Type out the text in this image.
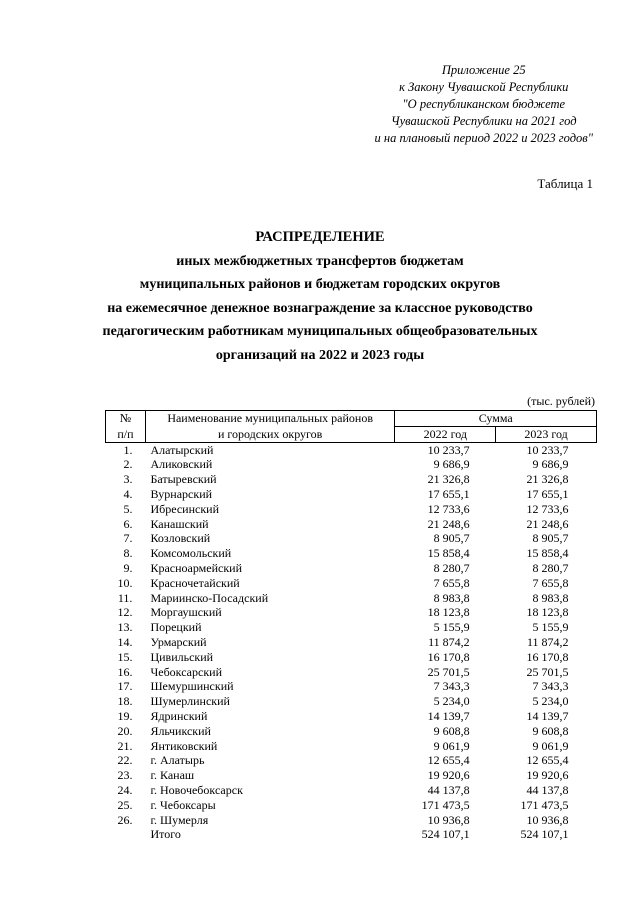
Приложение 25
к Закону Чувашской Республики
"О республиканском бюджете
Чувашской Республики на 2021 год
и на плановый период 2022 и 2023 годов"
Таблица 1
РАСПРЕДЕЛЕНИЕ
иных межбюджетных трансфертов бюджетам
муниципальных районов и бюджетам городских округов
на ежемесячное денежное вознаграждение за классное руководство
педагогическим работникам муниципальных общеобразовательных
организаций на 2022 и 2023 годы
(тыс. рублей)
№	Наименование муниципальных районов	Сумма	
п/п	и городских округов	2022 год	2023 год
1.	Алатырский	10 233,7	10 233,7
2.	Аликовский	9 686,9	9 686,9
3.	Батыревский	21 326,8	21 326,8
4.	Вурнарский	17 655,1	17 655,1
5.	Ибресинский	12 733,6	12 733,6
6.	Канашский	21 248,6	21 248,6
7.	Козловский	8 905,7	8 905,7
8.	Комсомольский	15 858,4	15 858,4
9.	Красноармейский	8 280,7	8 280,7
10.	Красночетайский	7 655,8	7 655,8
11.	Мариинско-Посадский	8 983,8	8 983,8
12.	Моргаушский	18 123,8	18 123,8
13.	Порецкий	5 155,9	5 155,9
14.	Урмарский	11 874,2	11 874,2
15.	Цивильский	16 170,8	16 170,8
16.	Чебоксарский	25 701,5	25 701,5
17.	Шемуршинский	7 343,3	7 343,3
18.	Шумерлинский	5 234,0	5 234,0
19.	Ядринский	14 139,7	14 139,7
20.	Яльчикский	9 608,8	9 608,8
21.	Янтиковский	9 061,9	9 061,9
22.	г. Алатырь	12 655,4	12 655,4
23.	г. Канаш	19 920,6	19 920,6
24.	г. Новочебоксарск	44 137,8	44 137,8
25.	г. Чебоксары	171 473,5	171 473,5
26.	г. Шумерля	10 936,8	10 936,8
	Итого	524 107,1	524 107,1
